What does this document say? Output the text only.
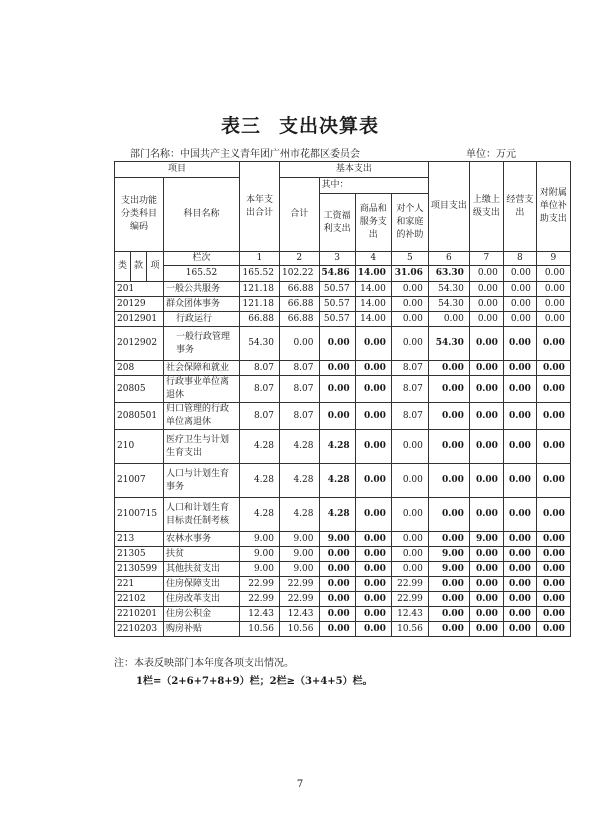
表三 支出决算表
部门名称：中国共产主义青年团广州市花都区委员会	单位：万元
项目				本年支出合计	基本支出				项目支出	上缴上级支出	经营支出	对附属单位补助支出
支出功能分类科目编码			科目名称		合计	其中：						
						工资福利支出	商品和服务支出	对个人和家庭的补助				
类	款	项	栏次	1	2	3	4	5	6	7	8	9
			165.52	165.52	102.22	54.86	14.00	31.06	63.30	0.00	0.00	0.00
201			一般公共服务	121.18	66.88	50.57	14.00	0.00	54.30	0.00	0.00	0.00
20129			群众团体事务	121.18	66.88	50.57	14.00	0.00	54.30	0.00	0.00	0.00
2012901			行政运行	66.88	66.88	50.57	14.00	0.00	0.00	0.00	0.00	0.00
2012902			一般行政管理事务	54.30	0.00	0.00	0.00	0.00	54.30	0.00	0.00	0.00
208			社会保障和就业	8.07	8.07	0.00	0.00	8.07	0.00	0.00	0.00	0.00
20805			行政事业单位离退休	8.07	8.07	0.00	0.00	8.07	0.00	0.00	0.00	0.00
2080501			归口管理的行政单位离退休	8.07	8.07	0.00	0.00	8.07	0.00	0.00	0.00	0.00
210			医疗卫生与计划生育支出	4.28	4.28	4.28	0.00	0.00	0.00	0.00	0.00	0.00
21007			人口与计划生育事务	4.28	4.28	4.28	0.00	0.00	0.00	0.00	0.00	0.00
2100715			人口和计划生育目标责任制考核	4.28	4.28	4.28	0.00	0.00	0.00	0.00	0.00	0.00
213			农林水事务	9.00	9.00	9.00	0.00	0.00	0.00	9.00	0.00	0.00
21305			扶贫	9.00	9.00	0.00	0.00	0.00	9.00	0.00	0.00	0.00
2130599			其他扶贫支出	9.00	9.00	0.00	0.00	0.00	9.00	0.00	0.00	0.00
221			住房保障支出	22.99	22.99	0.00	0.00	22.99	0.00	0.00	0.00	0.00
22102			住房改革支出	22.99	22.99	0.00	0.00	22.99	0.00	0.00	0.00	0.00
2210201			住房公积金	12.43	12.43	0.00	0.00	12.43	0.00	0.00	0.00	0.00
2210203			购房补贴	10.56	10.56	0.00	0.00	10.56	0.00	0.00	0.00	0.00
注：本表反映部门本年度各项支出情况。
1栏=（2+6+7+8+9）栏；2栏≥（3+4+5）栏。
7
